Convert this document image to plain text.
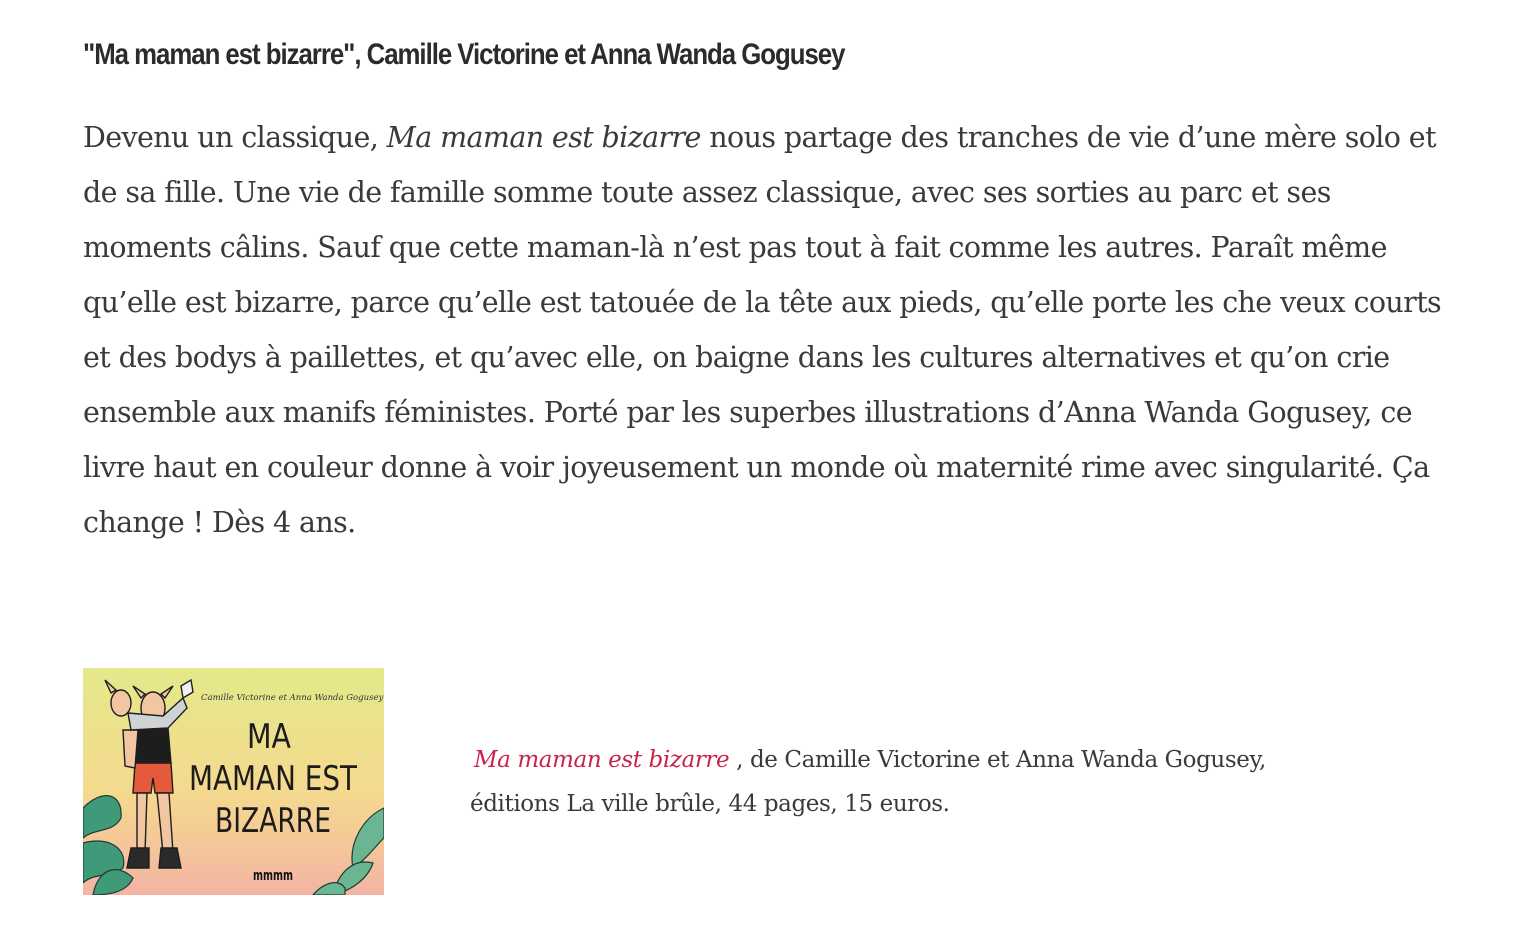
"Ma maman est bizarre", Camille Victorine et Anna Wanda Gogusey

Devenu un classique, Ma maman est bizarre nous partage des tranches de vie d’une mère solo et de sa fille. Une vie de famille somme toute assez classique, avec ses sorties au parc et ses moments câlins. Sauf que cette maman-là n’est pas tout à fait comme les autres. Paraît même qu’elle est bizarre, parce qu’elle est tatouée de la tête aux pieds, qu’elle porte les che veux courts et des bodys à paillettes, et qu’avec elle, on baigne dans les cultures alternatives et qu’on crie ensemble aux manifs féministes. Porté par les superbes illustrations d’Anna Wanda Gogusey, ce livre haut en couleur donne à voir joyeusement un monde où maternité rime avec singularité. Ça change ! Dès 4 ans.

Camille Victorine et Anna Wanda Gogusey
MA
MAMAN EST
BIZARRE
mmmm

Ma maman est bizarre , de Camille Victorine et Anna Wanda Gogusey,
éditions La ville brûle, 44 pages, 15 euros.
